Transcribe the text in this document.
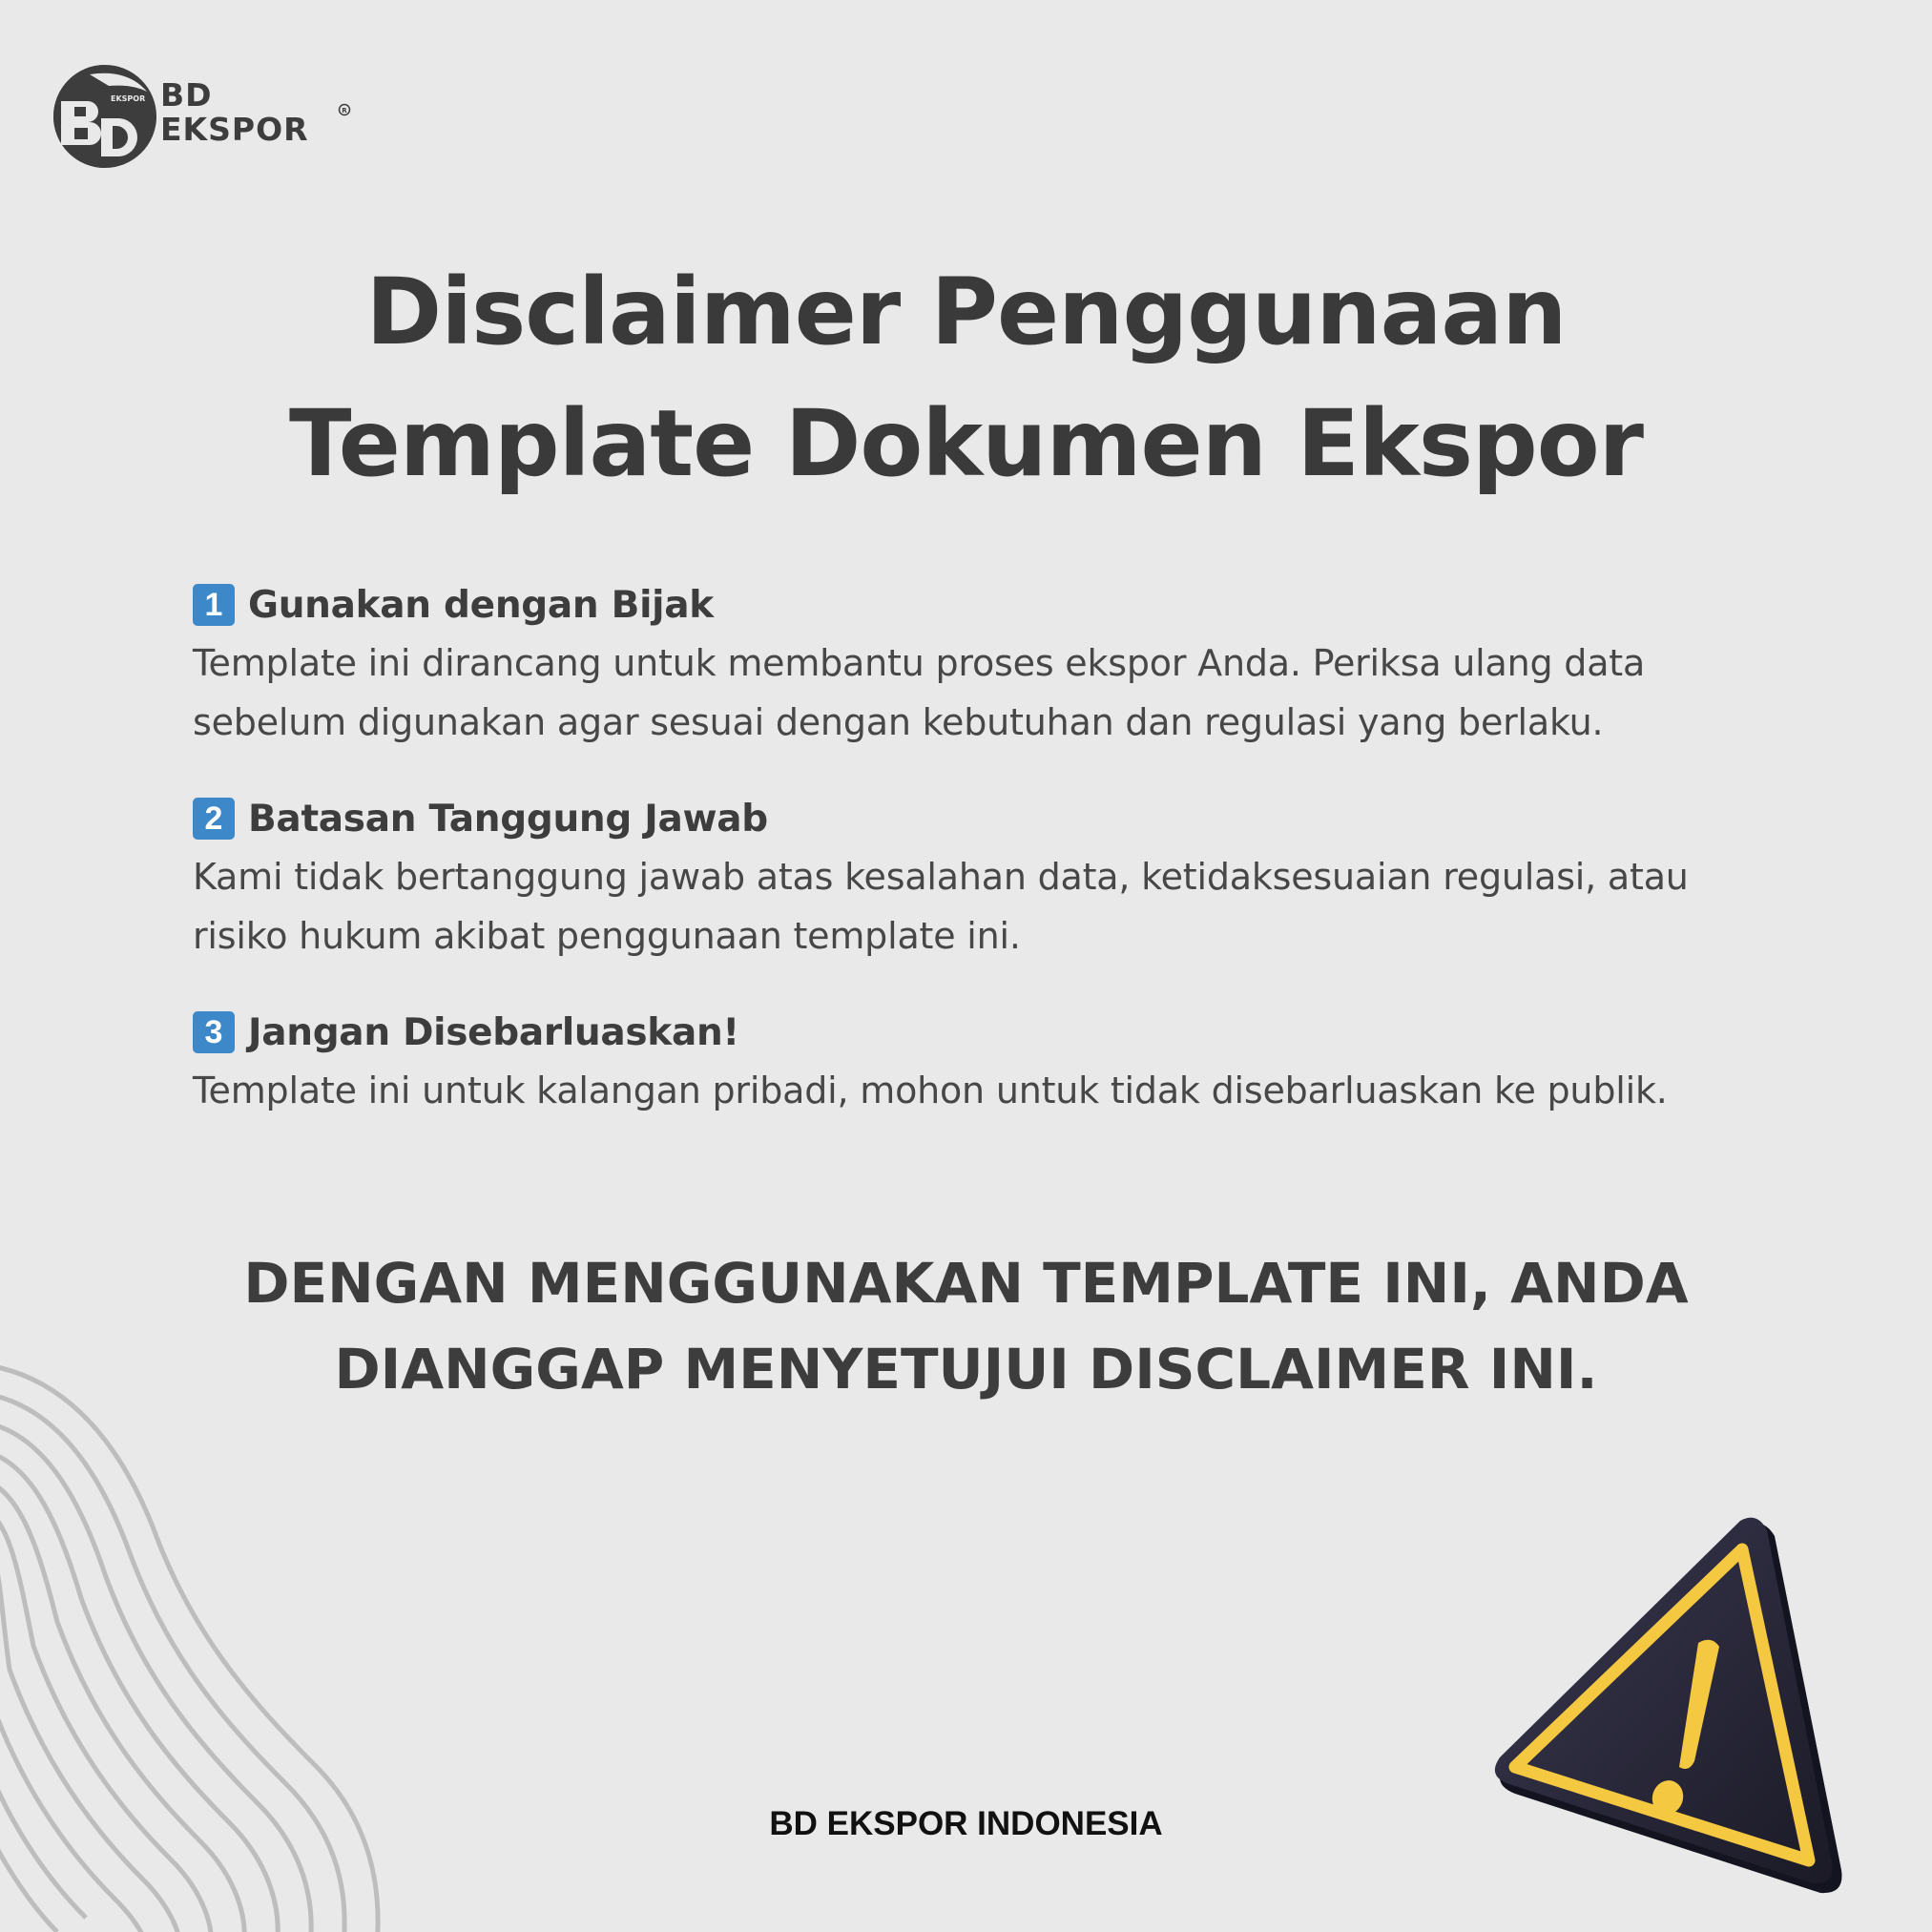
EKSPOR BD
EKSPOR	R
Disclaimer Penggunaan
Template Dokumen Ekspor
1 Gunakan dengan Bijak
Template ini dirancang untuk membantu proses ekspor Anda. Periksa ulang data
sebelum digunakan agar sesuai dengan kebutuhan dan regulasi yang berlaku.
2 Batasan Tanggung Jawab
Kami tidak bertanggung jawab atas kesalahan data, ketidaksesuaian regulasi, atau
risiko hukum akibat penggunaan template ini.
3 Jangan Disebarluaskan!
Template ini untuk kalangan pribadi, mohon untuk tidak disebarluaskan ke publik.
DENGAN MENGGUNAKAN TEMPLATE INI, ANDA
DIANGGAP MENYETUJUI DISCLAIMER INI.
BD EKSPOR INDONESIA
